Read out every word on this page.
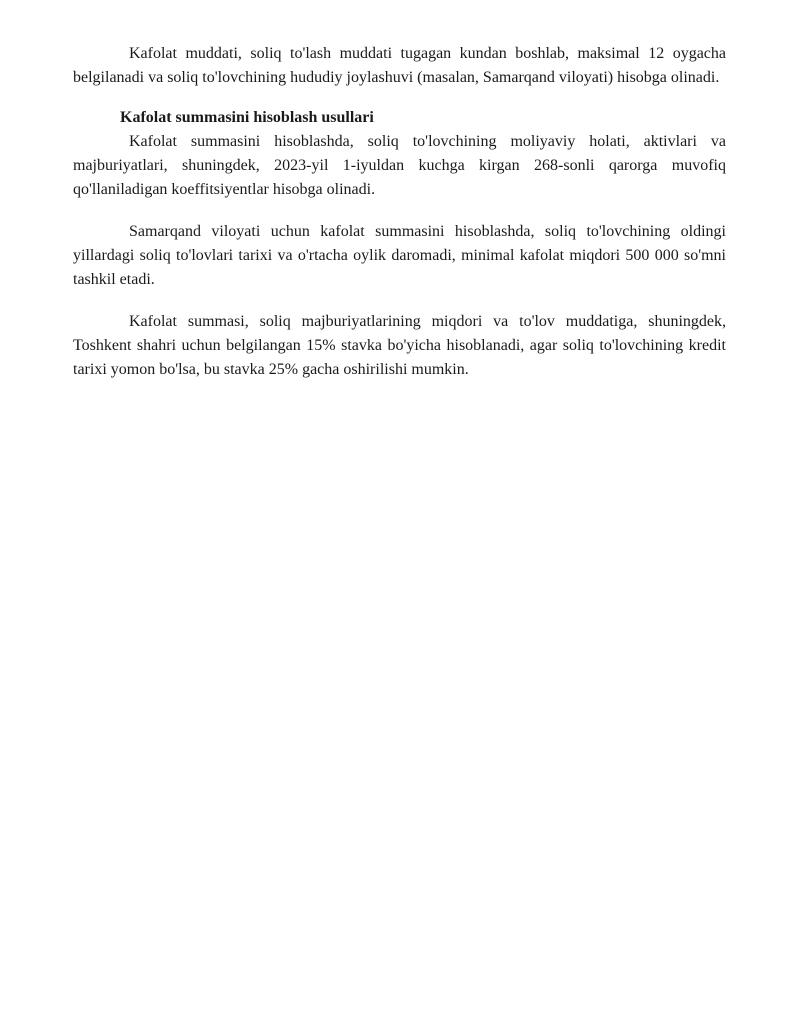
Kafolat muddati, soliq to'lash muddati tugagan kundan boshlab, maksimal 12 oygacha belgilanadi va soliq to'lovchining hududiy joylashuvi (masalan, Samarqand viloyati) hisobga olinadi.

Kafolat summasini hisoblash usullari

Kafolat summasini hisoblashda, soliq to'lovchining moliyaviy holati, aktivlari va majburiyatlari, shuningdek, 2023-yil 1-iyuldan kuchga kirgan 268-sonli qarorga muvofiq qo'llaniladigan koeffitsiyentlar hisobga olinadi.

Samarqand viloyati uchun kafolat summasini hisoblashda, soliq to'lovchining oldingi yillardagi soliq to'lovlari tarixi va o'rtacha oylik daromadi, minimal kafolat miqdori 500 000 so'mni tashkil etadi.

Kafolat summasi, soliq majburiyatlarining miqdori va to'lov muddatiga, shuningdek, Toshkent shahri uchun belgilangan 15% stavka bo'yicha hisoblanadi, agar soliq to'lovchining kredit tarixi yomon bo'lsa, bu stavka 25% gacha oshirilishi mumkin.
